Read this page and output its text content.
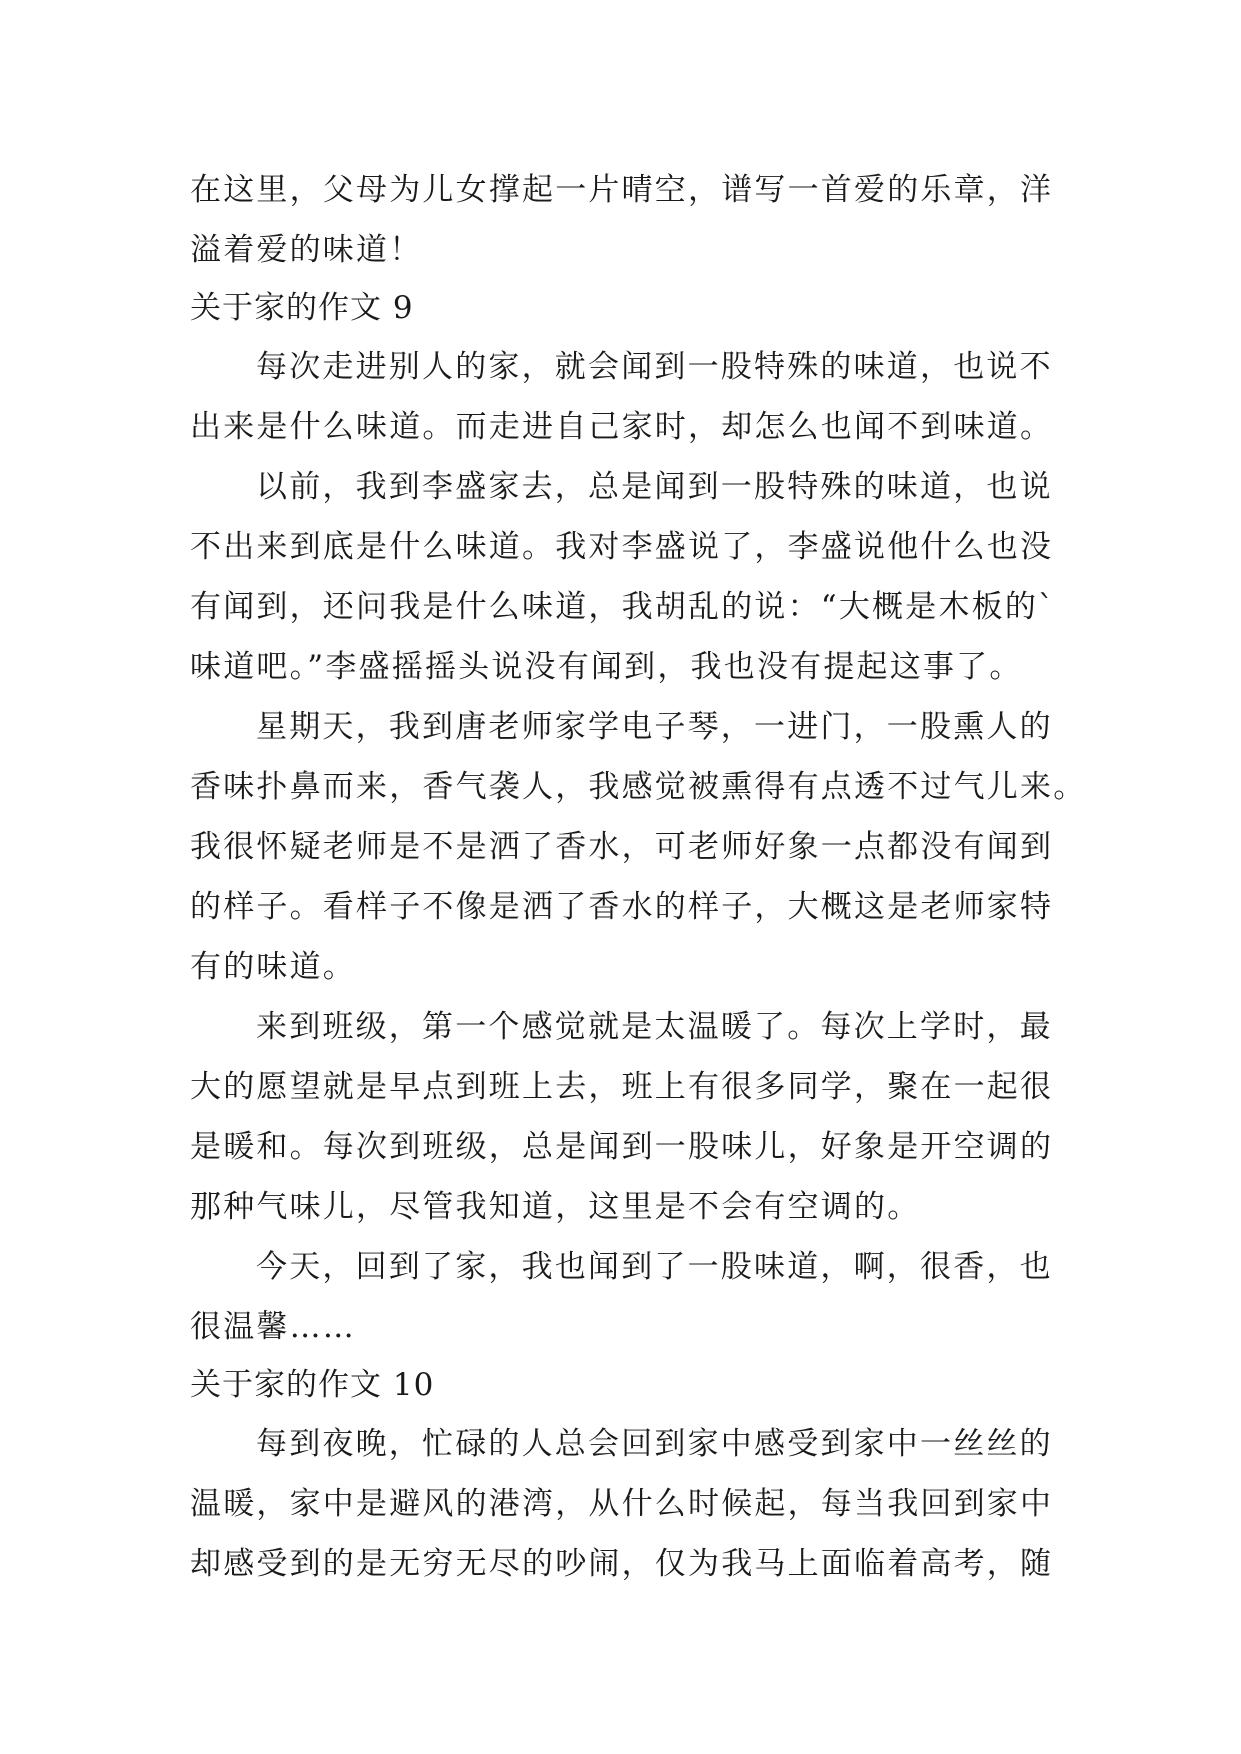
在这里，父母为儿女撑起一片晴空，谱写一首爱的乐章，洋
溢着爱的味道！
关于家的作文 9
每次走进别人的家，就会闻到一股特殊的味道，也说不
出来是什么味道。而走进自己家时，却怎么也闻不到味道。
以前，我到李盛家去，总是闻到一股特殊的味道，也说
不出来到底是什么味道。我对李盛说了，李盛说他什么也没
有闻到，还问我是什么味道，我胡乱的说：“大概是木板的`
味道吧。”李盛摇摇头说没有闻到，我也没有提起这事了。
星期天，我到唐老师家学电子琴，一进门，一股熏人的
香味扑鼻而来，香气袭人，我感觉被熏得有点透不过气儿来。
我很怀疑老师是不是洒了香水，可老师好象一点都没有闻到
的样子。看样子不像是洒了香水的样子，大概这是老师家特
有的味道。
来到班级，第一个感觉就是太温暖了。每次上学时，最
大的愿望就是早点到班上去，班上有很多同学，聚在一起很
是暖和。每次到班级，总是闻到一股味儿，好象是开空调的
那种气味儿，尽管我知道，这里是不会有空调的。
今天，回到了家，我也闻到了一股味道，啊，很香，也
很温馨……
关于家的作文 10
每到夜晚，忙碌的人总会回到家中感受到家中一丝丝的
温暖，家中是避风的港湾，从什么时候起，每当我回到家中
却感受到的是无穷无尽的吵闹，仅为我马上面临着高考，随
